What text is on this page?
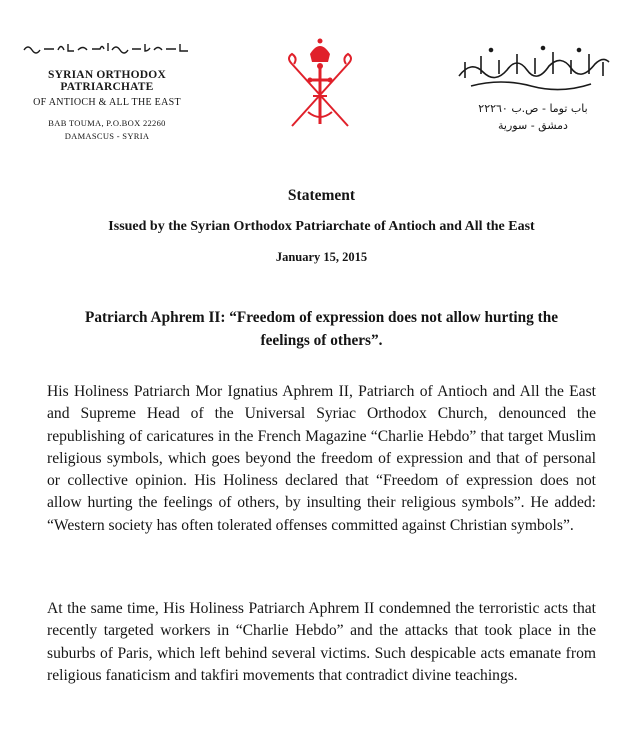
SYRIAN ORTHODOX PATRIARCHATE
OF ANTIOCH & ALL THE EAST
BAB TOUMA, P.O.BOX 22260
DAMASCUS - SYRIA
باب توما - ص.ب ٢٢٢٦٠
دمشق - سورية
Statement
Issued by the Syrian Orthodox Patriarchate of Antioch and All the East
January 15, 2015
Patriarch Aphrem II: “Freedom of expression does not allow hurting the feelings of others”.

His Holiness Patriarch Mor Ignatius Aphrem II, Patriarch of Antioch and All the East and Supreme Head of the Universal Syriac Orthodox Church, denounced the republishing of caricatures in the French Magazine “Charlie Hebdo” that target Muslim religious symbols, which goes beyond the freedom of expression and that of personal or collective opinion. His Holiness declared that “Freedom of expression does not allow hurting the feelings of others, by insulting their religious symbols”. He added: “Western society has often tolerated offenses committed against Christian symbols”.

At the same time, His Holiness Patriarch Aphrem II condemned the terroristic acts that recently targeted workers in “Charlie Hebdo” and the attacks that took place in the suburbs of Paris, which left behind several victims. Such despicable acts emanate from religious fanaticism and takfiri movements that contradict divine teachings.
